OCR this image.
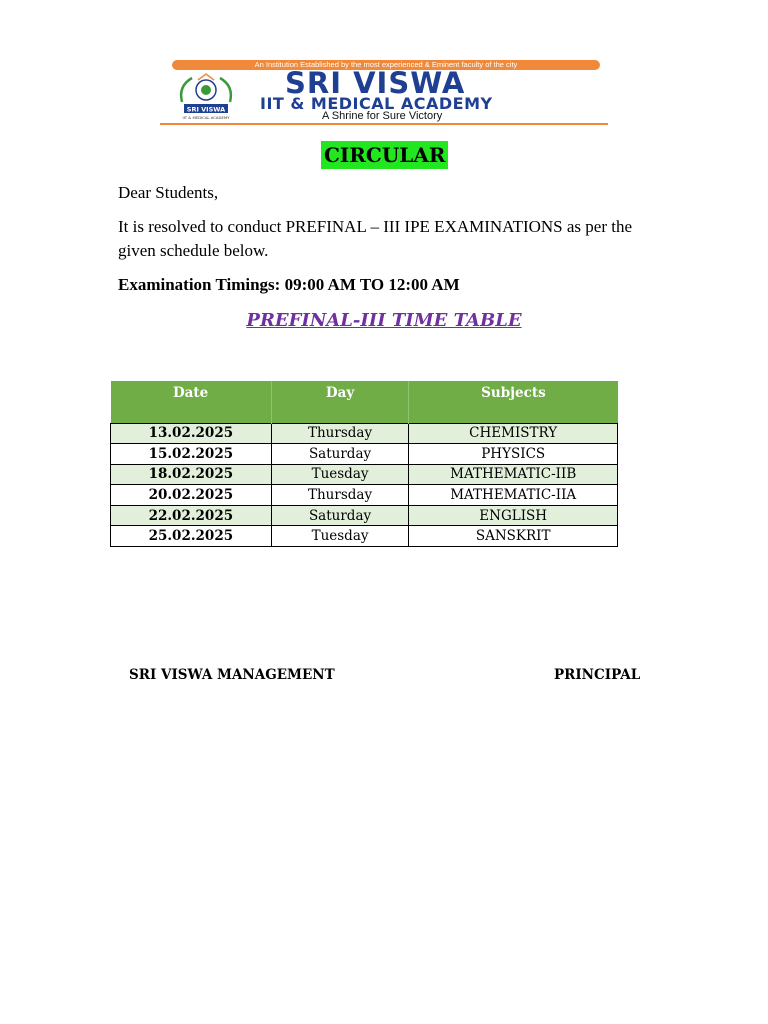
An Institution Established by the most experienced & Eminent faculty of the city
SRI VISWA
IIT & MEDICAL ACADEMY
SRI VISWA
IIT & MEDICAL ACADEMY
A Shrine for Sure Victory
CIRCULAR
Dear Students,
It is resolved to conduct PREFINAL – III IPE EXAMINATIONS as per the given schedule below.
Examination Timings: 09:00 AM TO 12:00 AM
PREFINAL-III TIME TABLE
Date	Day	Subjects
13.02.2025	Thursday	CHEMISTRY
15.02.2025	Saturday	PHYSICS
18.02.2025	Tuesday	MATHEMATIC-IIB
20.02.2025	Thursday	MATHEMATIC-IIA
22.02.2025	Saturday	ENGLISH
25.02.2025	Tuesday	SANSKRIT
SRI VISWA MANAGEMENT	PRINCIPAL
